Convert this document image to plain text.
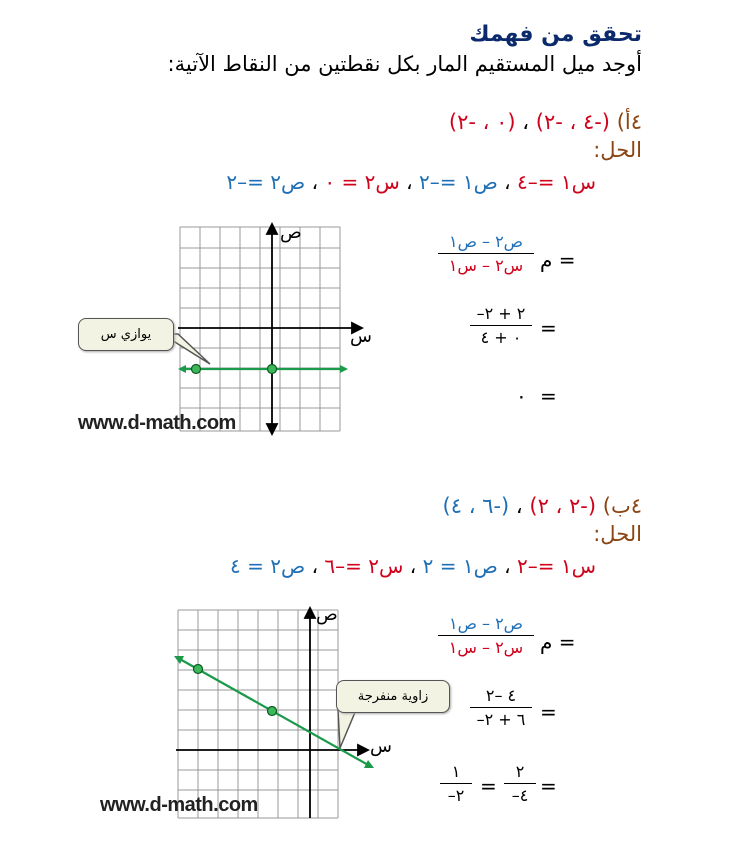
تحقق من فهمك
أوجد ميل المستقيم المار بكل نقطتين من النقاط الآتية:
٤أ) (-٤ ، -٢) ، (٠ ، -٢)
الحل:
س١ =–٤ ، ص١ =–٢ ، س٢ = ٠ ، ص٢ =–٢
م =
ص٢ – ص١
س٢ – س١
=
–٢ + ٢
٠ + ٤
=
٠
ص
س
يوازي س
www.d-math.com
٤ب) (-٢ ، ٢) ، (-٦ ، ٤)
الحل:
س١ =–٢ ، ص١ = ٢ ، س٢ =–٦ ، ص٢ = ٤
م =
ص٢ – ص١
س٢ – س١
=
٤ –٢
–٦ + ٢
=
٢
–٤
=
١
–٢
ص
س
زاوية منفرجة
www.d-math.com
